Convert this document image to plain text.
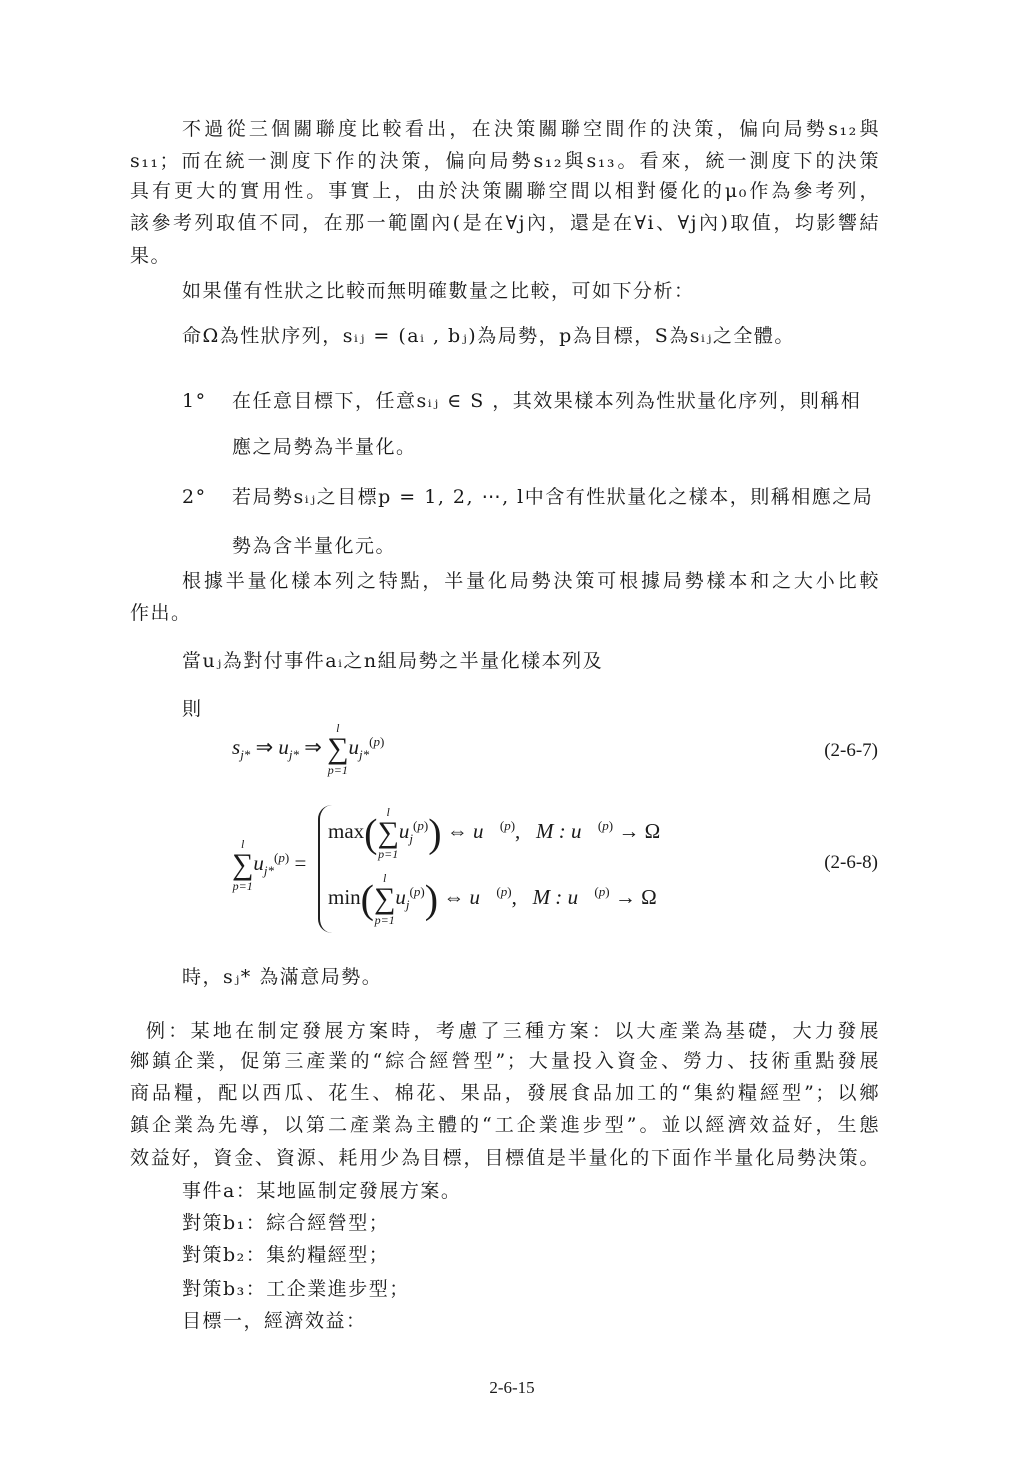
不過從三個關聯度比較看出，在決策關聯空間作的決策，偏向局勢s₁₂與
s₁₁；而在統一測度下作的決策，偏向局勢s₁₂與s₁₃。看來，統一測度下的決策
具有更大的實用性。事實上，由於決策關聯空間以相對優化的μ₀作為參考列，
該參考列取值不同，在那一範圍內(是在∀j內，還是在∀i、∀j內)取值，均影響結
果。
如果僅有性狀之比較而無明確數量之比較，可如下分析：
命Ω為性狀序列，sᵢⱼ = (aᵢ , bⱼ)為局勢，p為目標，S為sᵢⱼ之全體。
1° 在任意目標下，任意sᵢⱼ ∈ S ，其效果樣本列為性狀量化序列，則稱相
應之局勢為半量化。
2° 若局勢sᵢⱼ之目標p = 1, 2, ⋯, l中含有性狀量化之樣本，則稱相應之局
勢為含半量化元。
根據半量化樣本列之特點，半量化局勢決策可根據局勢樣本和之大小比較
作出。
當uⱼ為對付事件aᵢ之n組局勢之半量化樣本列及
則
$s_{j*}$ ⇒ $u_{j*}$ ⇒
l
∑
p=1
$u_{j*}^{(p)}$	(2-6-7)
l
∑
p=1
$u_{j*}^{(p)}$ =
max( l
∑
p=1
$u_j^{(p)}$) ⇔ u⃗$^{(p)}$,   M : u⃗$^{(p)}$ → Ω
min( l
∑
p=1
$u_j^{(p)}$) ⇔ u⃗$^{(p)}$,   M : u⃗$^{(p)}$ → Ω
(2-6-8)
時，sⱼ* 為滿意局勢。
例：某地在制定發展方案時，考慮了三種方案：以大產業為基礎，大力發展
鄉鎮企業，促第三產業的“綜合經營型”；大量投入資金、勞力、技術重點發展
商品糧，配以西瓜、花生、棉花、果品，發展食品加工的“集約糧經型”；以鄉
鎮企業為先導，以第二產業為主體的“工企業進步型”。並以經濟效益好，生態
效益好，資金、資源、耗用少為目標，目標值是半量化的下面作半量化局勢決策。
事件a：某地區制定發展方案。
對策b₁：綜合經營型；
對策b₂：集約糧經型；
對策b₃：工企業進步型；
目標一，經濟效益：
2-6-15
